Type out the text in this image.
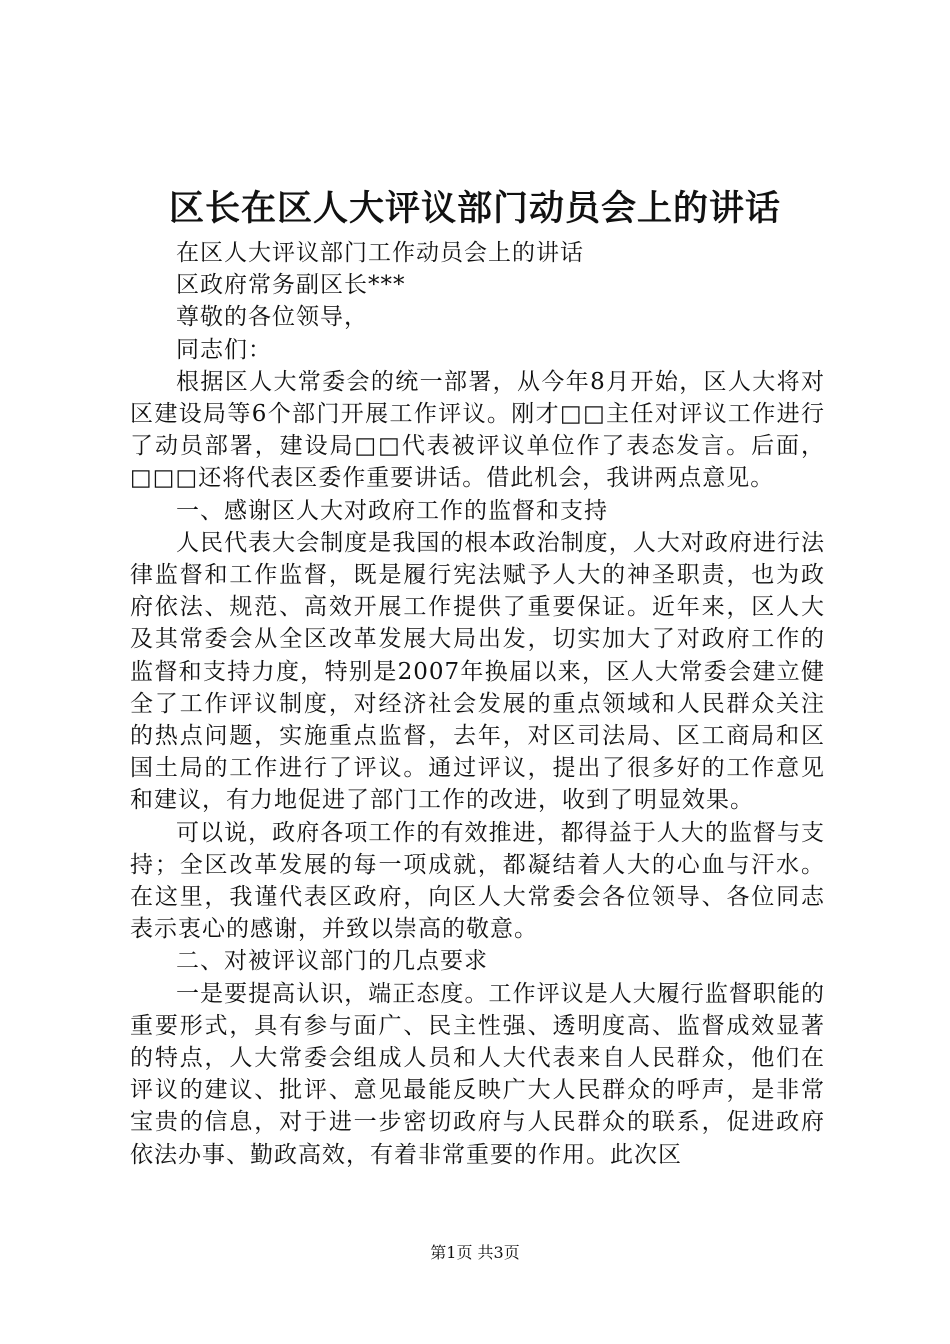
区长在区人大评议部门动员会上的讲话

在区人大评议部门工作动员会上的讲话

区政府常务副区长***

尊敬的各位领导，

同志们：

根据区人大常委会的统一部署，从今年8月开始，区人大将对区建设局等6个部门开展工作评议。刚才□□主任对评议工作进行了动员部署，建设局□□代表被评议单位作了表态发言。后面，□□□还将代表区委作重要讲话。借此机会，我讲两点意见。

一、感谢区人大对政府工作的监督和支持

人民代表大会制度是我国的根本政治制度，人大对政府进行法律监督和工作监督，既是履行宪法赋予人大的神圣职责，也为政府依法、规范、高效开展工作提供了重要保证。近年来，区人大及其常委会从全区改革发展大局出发，切实加大了对政府工作的监督和支持力度，特别是2007年换届以来，区人大常委会建立健全了工作评议制度，对经济社会发展的重点领域和人民群众关注的热点问题，实施重点监督，去年，对区司法局、区工商局和区国土局的工作进行了评议。通过评议，提出了很多好的工作意见和建议，有力地促进了部门工作的改进，收到了明显效果。

可以说，政府各项工作的有效推进，都得益于人大的监督与支持；全区改革发展的每一项成就，都凝结着人大的心血与汗水。在这里，我谨代表区政府，向区人大常委会各位领导、各位同志表示衷心的感谢，并致以崇高的敬意。

二、对被评议部门的几点要求

一是要提高认识，端正态度。工作评议是人大履行监督职能的重要形式，具有参与面广、民主性强、透明度高、监督成效显著的特点，人大常委会组成人员和人大代表来自人民群众，他们在评议的建议、批评、意见最能反映广大人民群众的呼声，是非常宝贵的信息，对于进一步密切政府与人民群众的联系，促进政府依法办事、勤政高效，有着非常重要的作用。此次区

第1页 共3页
